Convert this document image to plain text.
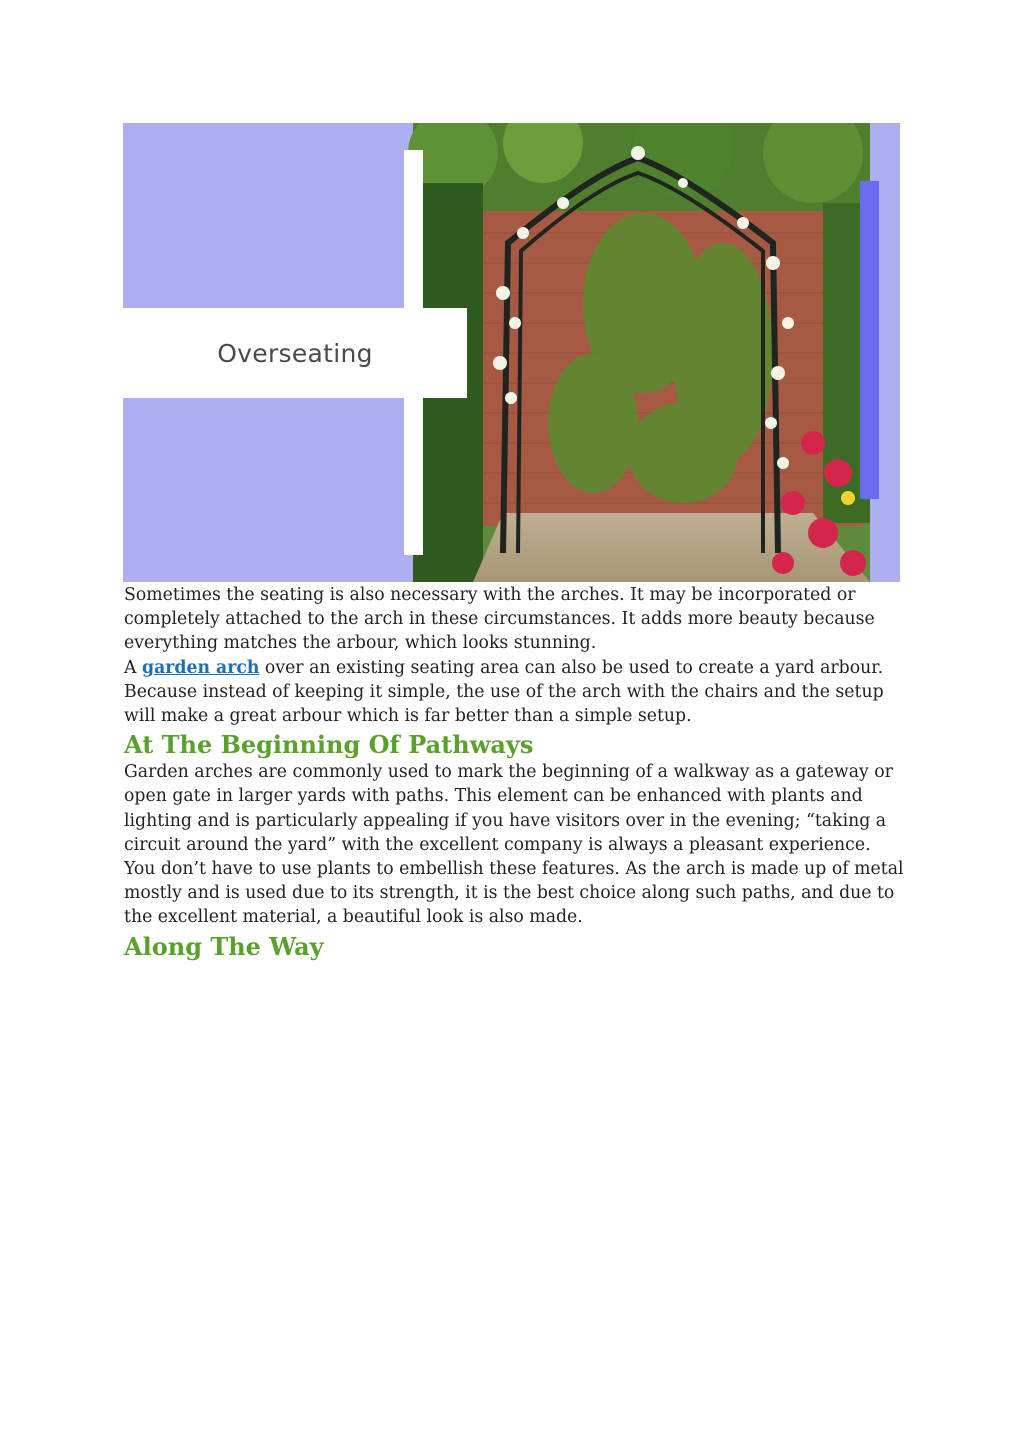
Overseating

Sometimes the seating is also necessary with the arches. It may be incorporated or completely attached to the arch in these circumstances. It adds more beauty because everything matches the arbour, which looks stunning.

A garden arch over an existing seating area can also be used to create a yard arbour. Because instead of keeping it simple, the use of the arch with the chairs and the setup will make a great arbour which is far better than a simple setup.

At The Beginning Of Pathways

Garden arches are commonly used to mark the beginning of a walkway as a gateway or open gate in larger yards with paths. This element can be enhanced with plants and lighting and is particularly appealing if you have visitors over in the evening; “taking a circuit around the yard” with the excellent company is always a pleasant experience. You don’t have to use plants to embellish these features. As the arch is made up of metal mostly and is used due to its strength, it is the best choice along such paths, and due to the excellent material, a beautiful look is also made.

Along The Way
